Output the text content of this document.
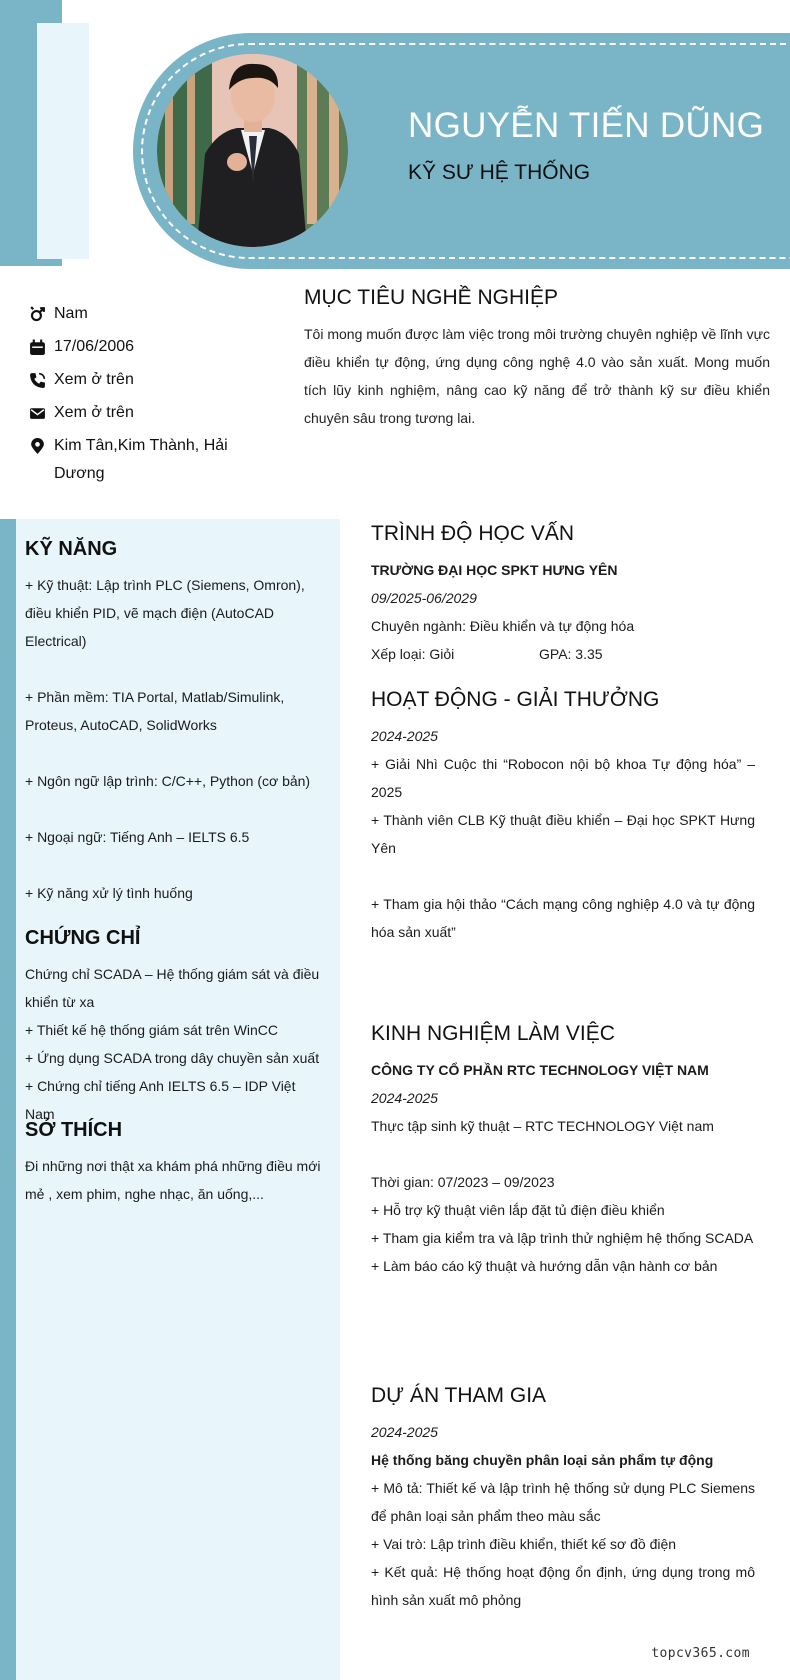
NGUYỄN TIẾN DŨNG
KỸ SƯ HỆ THỐNG
Nam
17/06/2006
Xem ở trên
Xem ở trên
Kim Tân,Kim Thành, Hải Dương
MỤC TIÊU NGHỀ NGHIỆP

Tôi mong muốn được làm việc trong môi trường chuyên nghiệp về lĩnh vực điều khiển tự động, ứng dụng công nghệ 4.0 vào sản xuất. Mong muốn tích lũy kinh nghiệm, nâng cao kỹ năng để trở thành kỹ sư điều khiển chuyên sâu trong tương lai.

KỸ NĂNG

+ Kỹ thuật: Lập trình PLC (Siemens, Omron), điều khiển PID, vẽ mạch điện (AutoCAD Electrical)

+ Phần mềm: TIA Portal, Matlab/Simulink, Proteus, AutoCAD, SolidWorks

+ Ngôn ngữ lập trình: C/C++, Python (cơ bản)

+ Ngoại ngữ: Tiếng Anh – IELTS 6.5

+ Kỹ năng xử lý tình huống

CHỨNG CHỈ

Chứng chỉ SCADA – Hệ thống giám sát và điều khiển từ xa

+ Thiết kế hệ thống giám sát trên WinCC

+ Ứng dụng SCADA trong dây chuyền sản xuất

+ Chứng chỉ tiếng Anh IELTS 6.5 – IDP Việt Nam

SỞ THÍCH

Đi những nơi thật xa khám phá những điều mới mẻ , xem phim, nghe nhạc, ăn uống,...

TRÌNH ĐỘ HỌC VẤN

TRƯỜNG ĐẠI HỌC SPKT HƯNG YÊN

09/2025-06/2029

Chuyên ngành: Điều khiển và tự động hóa

Xếp loại: Giỏi	GPA: 3.35

HOẠT ĐỘNG - GIẢI THƯỞNG

2024-2025

+ Giải Nhì Cuộc thi “Robocon nội bộ khoa Tự động hóa” – 2025

+ Thành viên CLB Kỹ thuật điều khiển – Đại học SPKT Hưng Yên

+ Tham gia hội thảo “Cách mạng công nghiệp 4.0 và tự động hóa sản xuất”

KINH NGHIỆM LÀM VIỆC

CÔNG TY CỔ PHẦN RTC TECHNOLOGY VIỆT NAM

2024-2025

Thực tập sinh kỹ thuật – RTC TECHNOLOGY Việt nam

Thời gian: 07/2023 – 09/2023

+ Hỗ trợ kỹ thuật viên lắp đặt tủ điện điều khiển

+ Tham gia kiểm tra và lập trình thử nghiệm hệ thống SCADA

+ Làm báo cáo kỹ thuật và hướng dẫn vận hành cơ bản

DỰ ÁN THAM GIA

2024-2025

Hệ thống băng chuyền phân loại sản phẩm tự động

+ Mô tả: Thiết kế và lập trình hệ thống sử dụng PLC Siemens để phân loại sản phẩm theo màu sắc

+ Vai trò: Lập trình điều khiển, thiết kế sơ đồ điện

+ Kết quả: Hệ thống hoạt động ổn định, ứng dụng trong mô hình sản xuất mô phỏng

topcv365.com
